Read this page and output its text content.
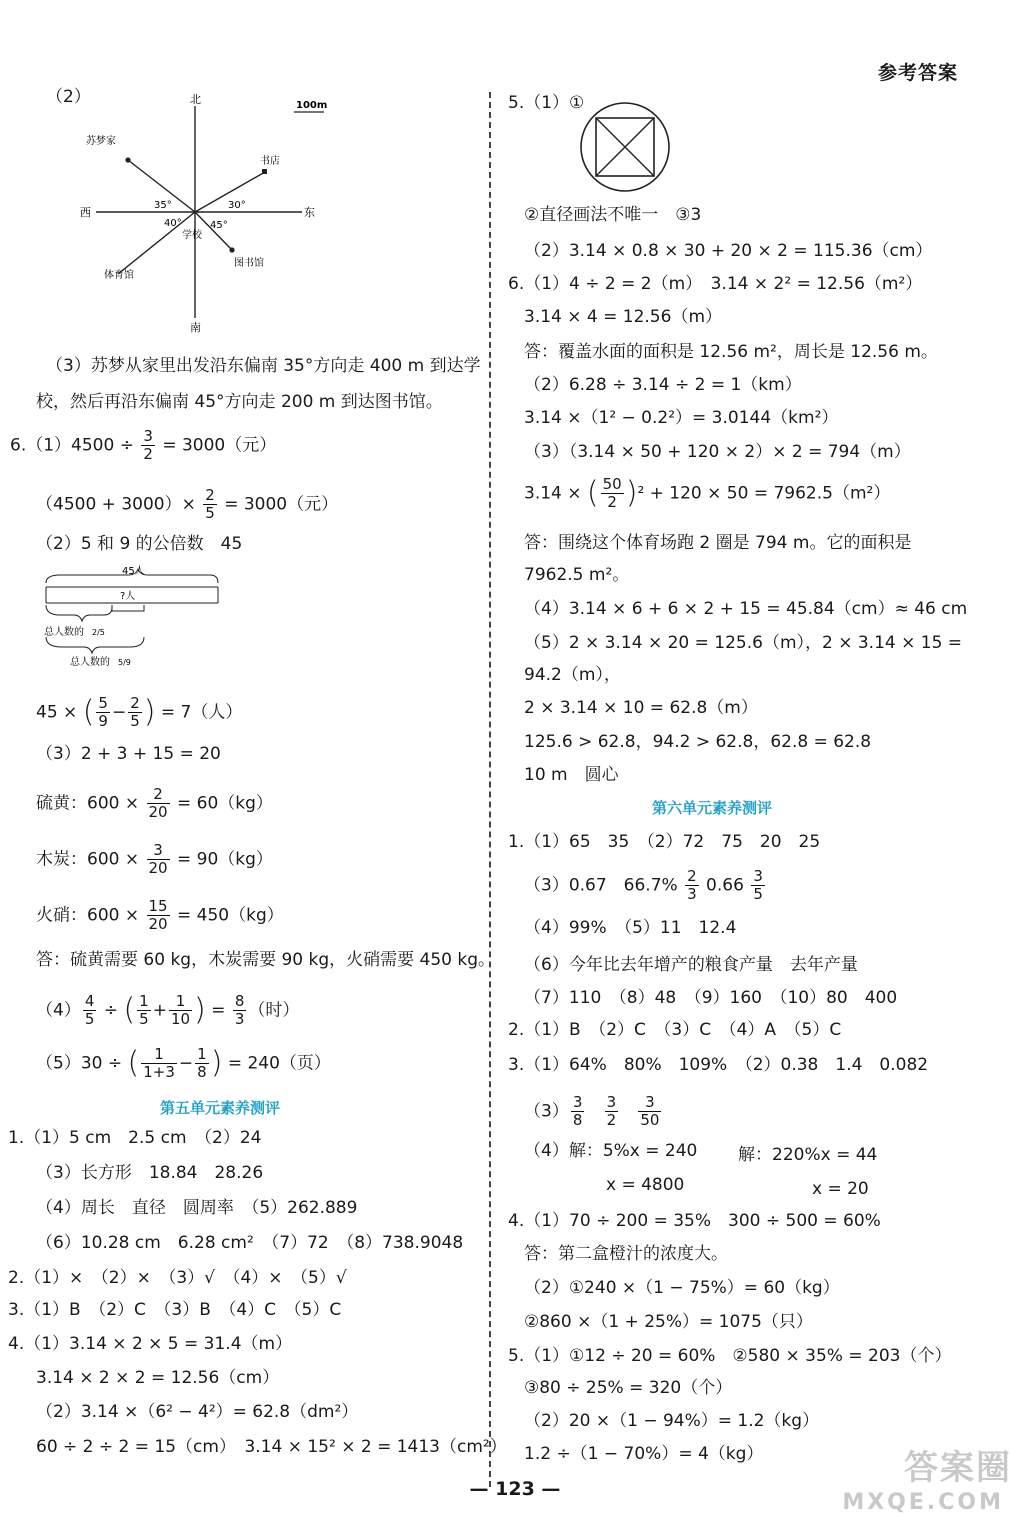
参考答案
（2）	北
南
西	东
100m
苏梦家
书店
体育馆
图书馆
学校
35°	30°
40°	45°
（3）苏梦从家里出发沿东偏南 35°方向走 400 m 到达学
校，然后再沿东偏南 45°方向走 200 m 到达图书馆。
$6.(1)4500 \div \frac{3}{2} = 3000$（元）
$(4500 + 3000)\times \frac{2}{5} = 3000$（元）
（2）5 和 9 的公倍数　45
45人
?人
总人数的 2/5
总人数的 5/9
45 × ( $\frac{5}{9} - \frac{2}{5}$ ) = 7（人）
（3）2 + 3 + 15 = 20
硫黄：$600 \times \frac{2}{20} = 60(kg)$
木炭：$600 \times \frac{3}{20} = 90(kg)$
火硝：$600 \times \frac{15}{20} = 450(kg)$
答：硫黄需要 60 kg，木炭需要 90 kg，火硝需要 450 kg。
$(4) \frac{4}{5}$ ÷ ( $\frac{1}{5} + \frac{1}{10}$ ) = $\frac{8}{3}$ （时）
（5）30 ÷ ( $\frac{1}{1+3} - \frac{1}{8}$ ) = 240（页）
第五单元素养测评
1.（1）5 cm　2.5 cm　（2）24
（3）长方形　18.84　28.26
（4）周长　直径　圆周率　（5）262.889
（6）10.28 cm　6.28 cm²　（7）72　（8）738.9048
2.（1）×　（2）×　（3）√　（4）×　（5）√
3.（1）B　（2）C　（3）B　（4）C　（5）C
4.（1）3.14 × 2 × 5 = 31.4（m）
3.14 × 2 × 2 = 12.56（cm）
（2）3.14 ×（6² − 4²）= 62.8（dm²）
60 ÷ 2 ÷ 2 = 15（cm）　3.14 × 15² × 2 = 1413（cm²）
5.（1）①
②直径画法不唯一　③3
（2）3.14 × 0.8 × 30 + 20 × 2 = 115.36（cm）
6.（1）4 ÷ 2 = 2（m）　3.14 × 2² = 12.56（m²）
3.14 × 4 = 12.56（m）
答：覆盖水面的面积是 12.56 m²，周长是 12.56 m。
（2）6.28 ÷ 3.14 ÷ 2 = 1（km）
3.14 ×（1² − 0.2²）= 3.0144（km²）
（3）（3.14 × 50 + 120 × 2）× 2 = 794（m）
3.14 × ( $\frac{50}{2} )^2 + 120 \times 50 = 7962.5(m^2)$
答：围绕这个体育场跑 2 圈是 794 m。它的面积是
7962.5 m²。
（4）3.14 × 6 + 6 × 2 + 15 = 45.84（cm）≈ 46 cm
（5）2 × 3.14 × 20 = 125.6（m），2 × 3.14 × 15 =
94.2（m），
2 × 3.14 × 10 = 62.8（m）
125.6 > 62.8，94.2 > 62.8，62.8 = 62.8
10 m　圆心
第六单元素养测评
1.（1）65　35　（2）72　75　20　25
（3）0.67　$66.7\% \frac{2}{3} 0.66 \frac{3}{5}$
（4）99%　（5）11　12.4
（6）今年比去年增产的粮食产量　去年产量
（7）110　（8）48　（9）160　（10）80　400
2.（1）B　（2）C　（3）C　（4）A　（5）C
3.（1）64%　80%　109%　（2）0.38　1.4　0.082
$(3) \frac{3}{8}$
$\frac{3}{2}$
$\frac{3}{50}$
（4）解：5%x = 240 解：220%x = 44
x = 4800	x = 20
4.（1）70 ÷ 200 = 35%　300 ÷ 500 = 60%
答：第二盒橙汁的浓度大。
（2）①240 ×（1 − 75%）= 60（kg）
②860 ×（1 + 25%）= 1075（只）
5.（1）①12 ÷ 20 = 60%　②580 × 35% = 203（个）
③80 ÷ 25% = 320（个）
（2）20 ×（1 − 94%）= 1.2（kg）
1.2 ÷（1 − 70%）= 4（kg）
— 123 —
答案圈
MXQE.COM
